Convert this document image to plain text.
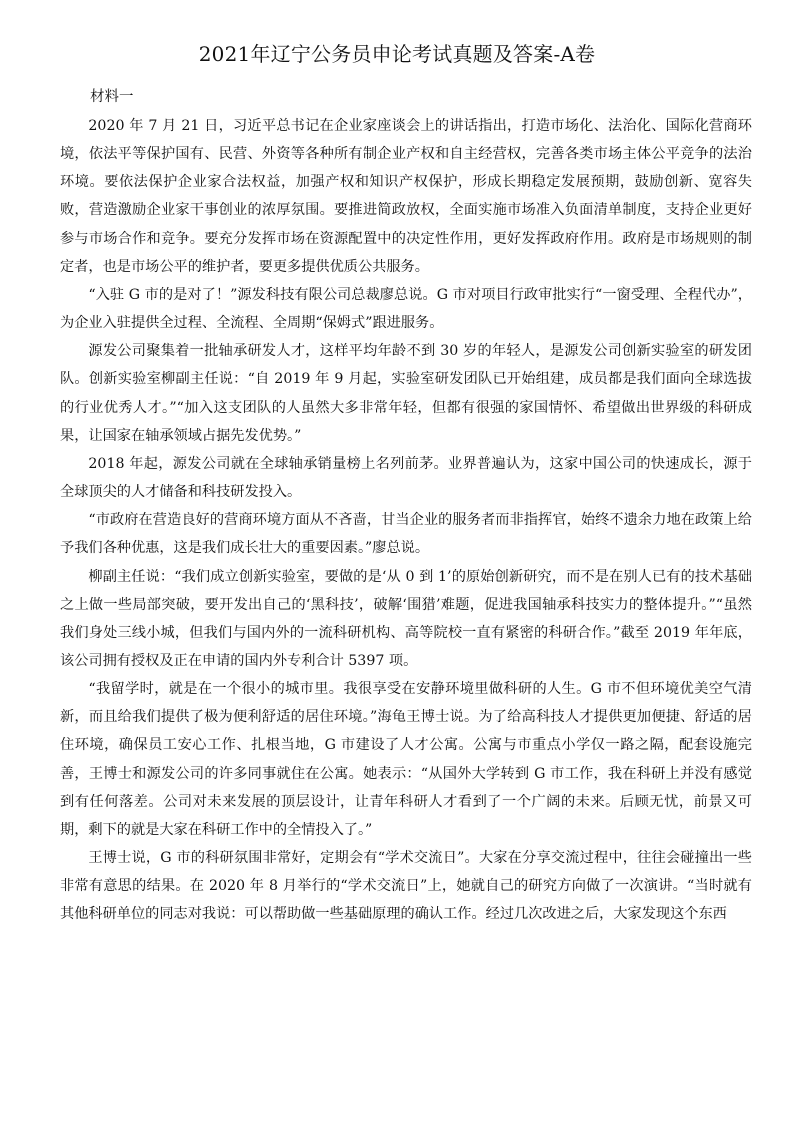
2021年辽宁公务员申论考试真题及答案-A卷
材料一

2020 年 7 月 21 日，习近平总书记在企业家座谈会上的讲话指出，打造市场化、法治化、国际化营商环境，依法平等保护国有、民营、外资等各种所有制企业产权和自主经营权，完善各类市场主体公平竞争的法治环境。要依法保护企业家合法权益，加强产权和知识产权保护，形成长期稳定发展预期，鼓励创新、宽容失败，营造激励企业家干事创业的浓厚氛围。要推进简政放权，全面实施市场准入负面清单制度，支持企业更好参与市场合作和竞争。要充分发挥市场在资源配置中的决定性作用，更好发挥政府作用。政府是市场规则的制定者，也是市场公平的维护者，要更多提供优质公共服务。

“入驻 G 市的是对了！”源发科技有限公司总裁廖总说。G 市对项目行政审批实行“一窗受理、全程代办”，为企业入驻提供全过程、全流程、全周期“保姆式”跟进服务。

源发公司聚集着一批轴承研发人才，这样平均年龄不到 30 岁的年轻人，是源发公司创新实验室的研发团队。创新实验室柳副主任说：“自 2019 年 9 月起，实验室研发团队已开始组建，成员都是我们面向全球选拔的行业优秀人才。”“加入这支团队的人虽然大多非常年轻，但都有很强的家国情怀、希望做出世界级的科研成果，让国家在轴承领域占据先发优势。”

2018 年起，源发公司就在全球轴承销量榜上名列前茅。业界普遍认为，这家中国公司的快速成长，源于全球顶尖的人才储备和科技研发投入。

“市政府在营造良好的营商环境方面从不吝啬，甘当企业的服务者而非指挥官，始终不遗余力地在政策上给予我们各种优惠，这是我们成长壮大的重要因素。”廖总说。

柳副主任说：“我们成立创新实验室，要做的是‘从 0 到 1’的原始创新研究，而不是在别人已有的技术基础之上做一些局部突破，要开发出自己的‘黑科技’，破解‘围猎’难题，促进我国轴承科技实力的整体提升。”“虽然我们身处三线小城，但我们与国内外的一流科研机构、高等院校一直有紧密的科研合作。”截至 2019 年年底，该公司拥有授权及正在申请的国内外专利合计 5397 项。

“我留学时，就是在一个很小的城市里。我很享受在安静环境里做科研的人生。G 市不但环境优美空气清新，而且给我们提供了极为便利舒适的居住环境。”海龟王博士说。为了给高科技人才提供更加便捷、舒适的居住环境，确保员工安心工作、扎根当地，G 市建设了人才公寓。公寓与市重点小学仅一路之隔，配套设施完善，王博士和源发公司的许多同事就住在公寓。她表示：“从国外大学转到 G 市工作，我在科研上并没有感觉到有任何落差。公司对未来发展的顶层设计，让青年科研人才看到了一个广阔的未来。后顾无忧，前景又可期，剩下的就是大家在科研工作中的全情投入了。”

王博士说，G 市的科研氛围非常好，定期会有“学术交流日”。大家在分享交流过程中，往往会碰撞出一些非常有意思的结果。在 2020 年 8 月举行的“学术交流日”上，她就自己的研究方向做了一次演讲。“当时就有其他科研单位的同志对我说：可以帮助做一些基础原理的确认工作。经过几次改进之后，大家发现这个东西
